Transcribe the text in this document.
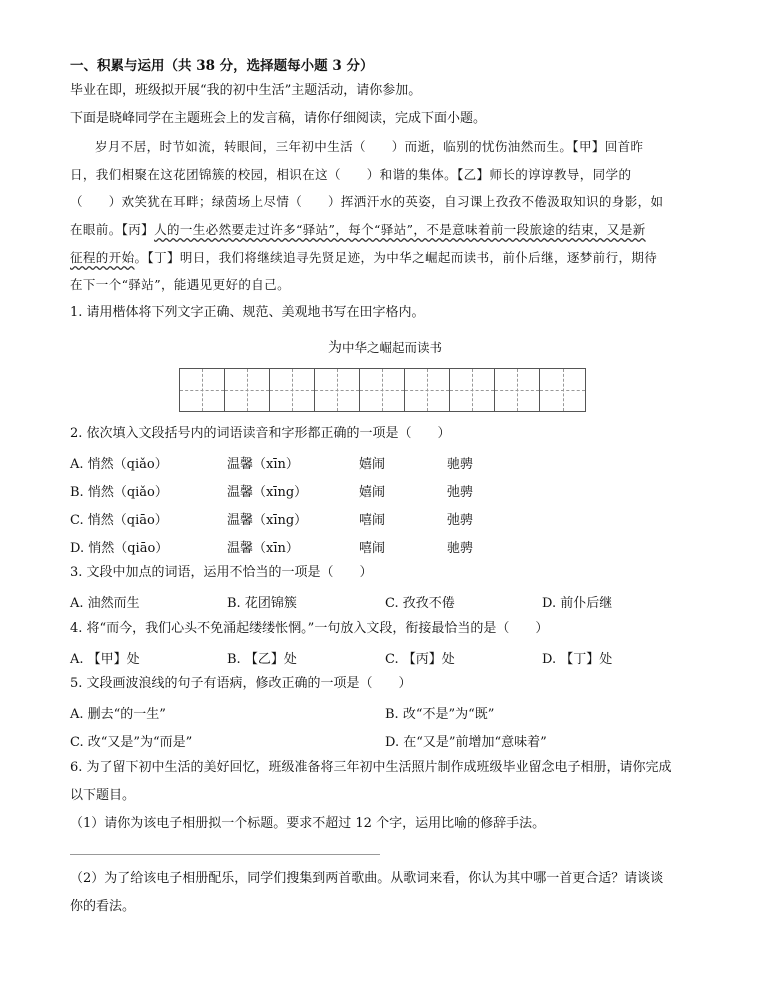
一、积累与运用（共 38 分，选择题每小题 3 分）
毕业在即，班级拟开展“我的初中生活”主题活动，请你参加。
下面是晓峰同学在主题班会上的发言稿，请你仔细阅读，完成下面小题。
岁月不居，时节如流，转眼间，三年初中生活（　　）而逝，临别的忧伤油然而生。【甲】回首昨
日，我们相聚在这花团锦簇的校园，相识在这（　　）和谐的集体。【乙】师长的谆谆教导，同学的
（　　）欢笑犹在耳畔；绿茵场上尽情（　　）挥洒汗水的英姿，自习课上孜孜不倦汲取知识的身影，如
在眼前。【丙】人的一生必然要走过许多“驿站”，每个“驿站”，不是意味着前一段旅途的结束，又是新
征程的开始。【丁】明日，我们将继续追寻先贤足迹，为中华之崛起而读书，前仆后继，逐梦前行，期待
在下一个“驿站”，能遇见更好的自己。
1. 请用楷体将下列文字正确、规范、美观地书写在田字格内。
为中华之崛起而读书
2. 依次填入文段括号内的词语读音和字形都正确的一项是（　　）
A. 悄然（qiǎo）	温馨（xīn）	嬉闹	驰骋
B. 悄然（qiǎo）	温馨（xīng）	嬉闹	弛骋
C. 悄然（qiāo）	温馨（xīng）	嘻闹	弛骋
D. 悄然（qiāo）	温馨（xīn）	嘻闹	驰骋
3. 文段中加点的词语，运用不恰当的一项是（　　）
A. 油然而生	B. 花团锦簇	C. 孜孜不倦	D. 前仆后继
4. 将“而今，我们心头不免涌起缕缕怅惘。”一句放入文段，衔接最恰当的是（　　）
A. 【甲】处	B. 【乙】处	C. 【丙】处	D. 【丁】处
5. 文段画波浪线的句子有语病，修改正确的一项是（　　）
A. 删去“的一生”	B. 改“不是”为“既”
C. 改“又是”为“而是”	D. 在“又是”前增加“意味着”
6. 为了留下初中生活的美好回忆，班级准备将三年初中生活照片制作成班级毕业留念电子相册，请你完成
以下题目。
（1）请你为该电子相册拟一个标题。要求不超过 12 个字，运用比喻的修辞手法。
（2）为了给该电子相册配乐，同学们搜集到两首歌曲。从歌词来看，你认为其中哪一首更合适？请谈谈
你的看法。
